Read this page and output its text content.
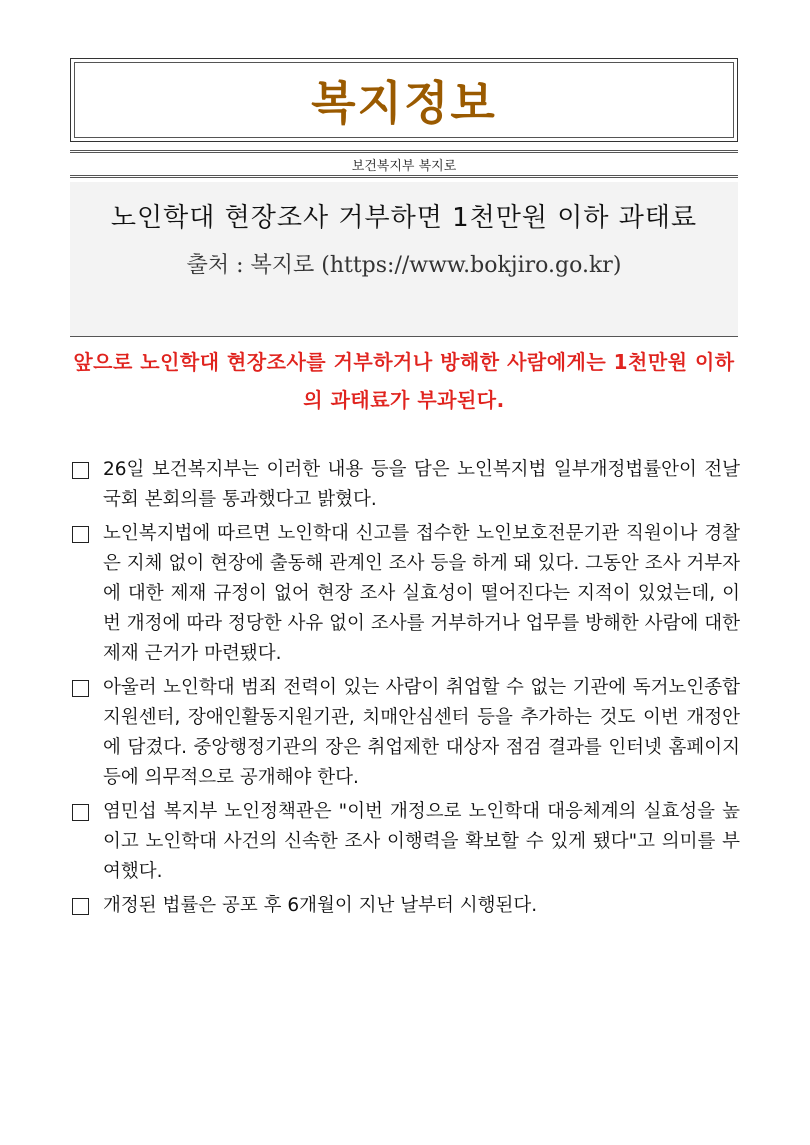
복지정보
보건복지부 복지로
노인학대 현장조사 거부하면 1천만원 이하 과태료
출처 : 복지로 (https://www.bokjiro.go.kr)
앞으로 노인학대 현장조사를 거부하거나 방해한 사람에게는 1천만원 이하의 과태료가 부과된다.
26일 보건복지부는 이러한 내용 등을 담은 노인복지법 일부개정법률안이 전날 국회 본회의를 통과했다고 밝혔다.
노인복지법에 따르면 노인학대 신고를 접수한 노인보호전문기관 직원이나 경찰은 지체 없이 현장에 출동해 관계인 조사 등을 하게 돼 있다. 그동안 조사 거부자에 대한 제재 규정이 없어 현장 조사 실효성이 떨어진다는 지적이 있었는데, 이번 개정에 따라 정당한 사유 없이 조사를 거부하거나 업무를 방해한 사람에 대한 제재 근거가 마련됐다.
아울러 노인학대 범죄 전력이 있는 사람이 취업할 수 없는 기관에 독거노인종합지원센터, 장애인활동지원기관, 치매안심센터 등을 추가하는 것도 이번 개정안에 담겼다. 중앙행정기관의 장은 취업제한 대상자 점검 결과를 인터넷 홈페이지 등에 의무적으로 공개해야 한다.
염민섭 복지부 노인정책관은 "이번 개정으로 노인학대 대응체계의 실효성을 높이고 노인학대 사건의 신속한 조사 이행력을 확보할 수 있게 됐다"고 의미를 부여했다.
개정된 법률은 공포 후 6개월이 지난 날부터 시행된다.
